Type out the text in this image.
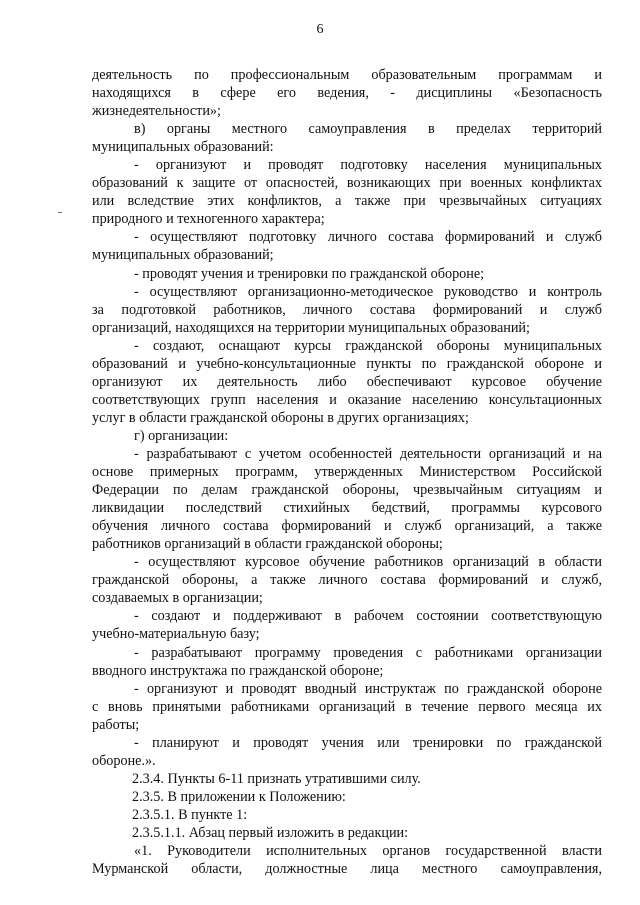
6
деятельность по профессиональным образовательным программам и
находящихся в сфере его ведения, - дисциплины «Безопасность
жизнедеятельности»;
в) органы местного самоуправления в пределах территорий
муниципальных образований:
- организуют и проводят подготовку населения муниципальных
образований к защите от опасностей, возникающих при военных конфликтах
или вследствие этих конфликтов, а также при чрезвычайных ситуациях
природного и техногенного характера;
- осуществляют подготовку личного состава формирований и служб
муниципальных образований;
- проводят учения и тренировки по гражданской обороне;
- осуществляют организационно-методическое руководство и контроль
за подготовкой работников, личного состава формирований и служб
организаций, находящихся на территории муниципальных образований;
- создают, оснащают курсы гражданской обороны муниципальных
образований и учебно-консультационные пункты по гражданской обороне и
организуют их деятельность либо обеспечивают курсовое обучение
соответствующих групп населения и оказание населению консультационных
услуг в области гражданской обороны в других организациях;
г) организации:
- разрабатывают с учетом особенностей деятельности организаций и на
основе примерных программ, утвержденных Министерством Российской
Федерации по делам гражданской обороны, чрезвычайным ситуациям и
ликвидации последствий стихийных бедствий, программы курсового
обучения личного состава формирований и служб организаций, а также
работников организаций в области гражданской обороны;
- осуществляют курсовое обучение работников организаций в области
гражданской обороны, а также личного состава формирований и служб,
создаваемых в организации;
- создают и поддерживают в рабочем состоянии соответствующую
учебно-материальную базу;
- разрабатывают программу проведения с работниками организации
вводного инструктажа по гражданской обороне;
- организуют и проводят вводный инструктаж по гражданской обороне
с вновь принятыми работниками организаций в течение первого месяца их
работы;
- планируют и проводят учения или тренировки по гражданской
обороне.».
2.3.4. Пункты 6-11 признать утратившими силу.
2.3.5. В приложении к Положению:
2.3.5.1. В пункте 1:
2.3.5.1.1. Абзац первый изложить в редакции:
«1. Руководители исполнительных органов государственной власти
Мурманской области, должностные лица местного самоуправления,
